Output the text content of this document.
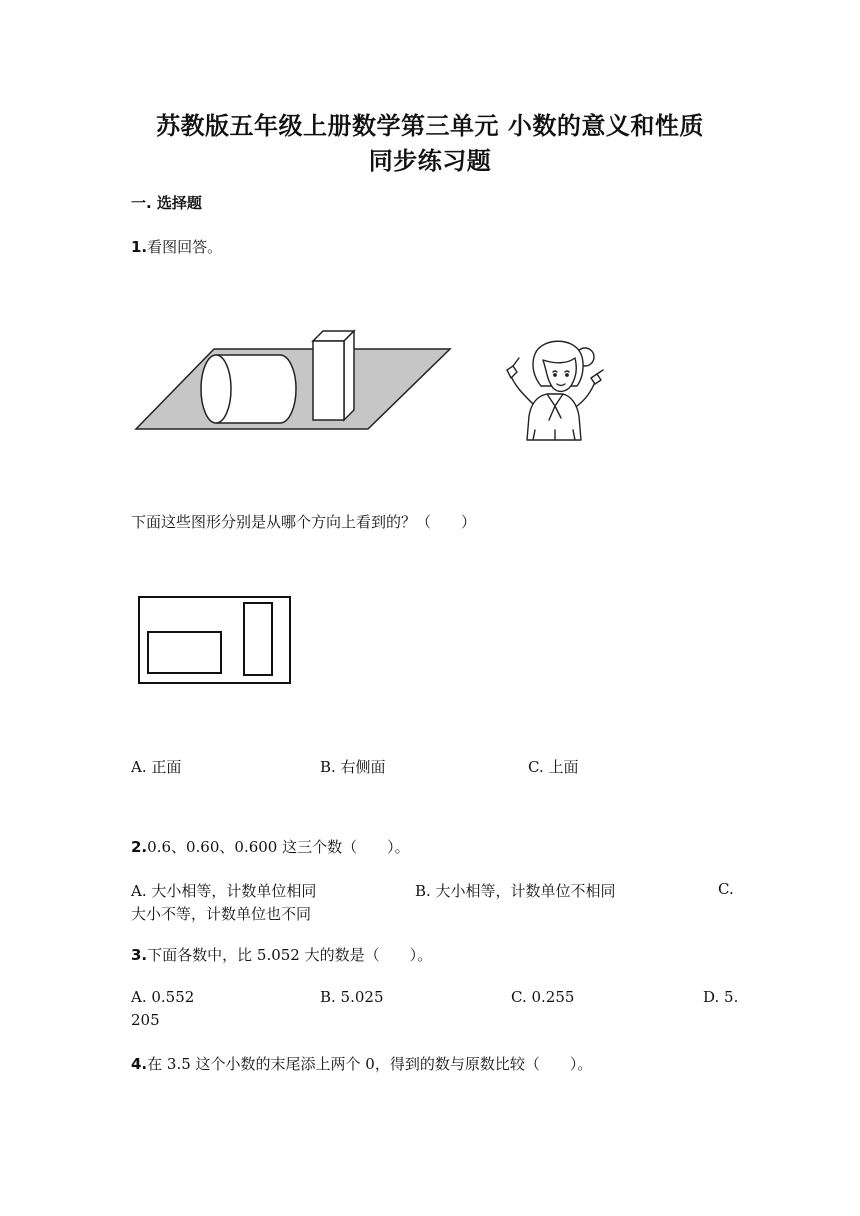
苏教版五年级上册数学第三单元 小数的意义和性质
同步练习题
一. 选择题
1.看图回答。
下面这些图形分别是从哪个方向上看到的？（　　）
A. 正面	B. 右侧面	C. 上面
2.0.6、0.60、0.600 这三个数（　　）。
A. 大小相等，计数单位相同	B. 大小相等，计数单位不相同	C.
大小不等，计数单位也不同
3.下面各数中，比 5.052 大的数是（　　）。
A. 0.552	B. 5.025	C. 0.255	D. 5.
205
4.在 3.5 这个小数的末尾添上两个 0，得到的数与原数比较（　　）。
